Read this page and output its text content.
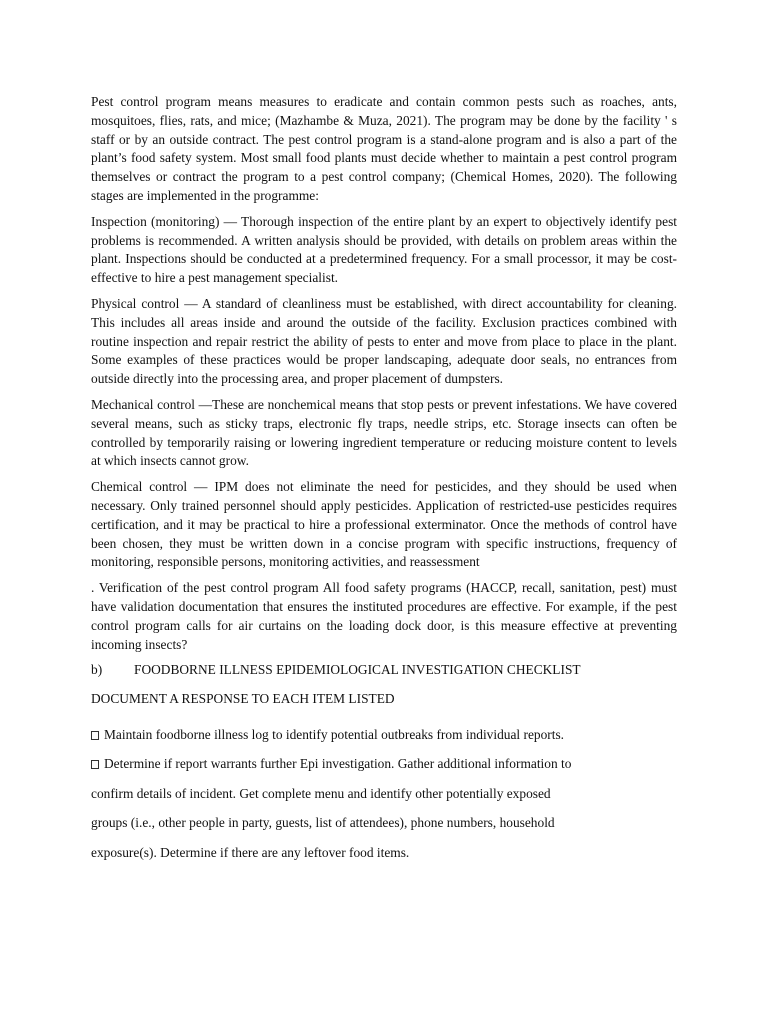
Pest control program means measures to eradicate and contain common pests such as roaches, ants, mosquitoes, flies, rats, and mice; (Mazhambe & Muza, 2021). The program may be done by the facility ' s staff or by an outside contract. The pest control program is a stand-alone program and is also a part of the plant’s food safety system. Most small food plants must decide whether to maintain a pest control program themselves or contract the program to a pest control company; (Chemical Homes, 2020). The following stages are implemented in the programme:

Inspection (monitoring) — Thorough inspection of the entire plant by an expert to objectively identify pest problems is recommended. A written analysis should be provided, with details on problem areas within the plant. Inspections should be conducted at a predetermined frequency. For a small processor, it may be cost-effective to hire a pest management specialist.

Physical control — A standard of cleanliness must be established, with direct accountability for cleaning. This includes all areas inside and around the outside of the facility. Exclusion practices combined with routine inspection and repair restrict the ability of pests to enter and move from place to place in the plant. Some examples of these practices would be proper landscaping, adequate door seals, no entrances from outside directly into the processing area, and proper placement of dumpsters.

Mechanical control —These are nonchemical means that stop pests or prevent infestations. We have covered several means, such as sticky traps, electronic fly traps, needle strips, etc. Storage insects can often be controlled by temporarily raising or lowering ingredient temperature or reducing moisture content to levels at which insects cannot grow.

Chemical control — IPM does not eliminate the need for pesticides, and they should be used when necessary. Only trained personnel should apply pesticides. Application of restricted-use pesticides requires certification, and it may be practical to hire a professional exterminator. Once the methods of control have been chosen, they must be written down in a concise program with specific instructions, frequency of monitoring, responsible persons, monitoring activities, and reassessment

. Verification of the pest control program All food safety programs (HACCP, recall, sanitation, pest) must have validation documentation that ensures the instituted procedures are effective. For example, if the pest control program calls for air curtains on the loading dock door, is this measure effective at preventing incoming insects?

b) FOODBORNE ILLNESS EPIDEMIOLOGICAL INVESTIGATION CHECKLIST

DOCUMENT A RESPONSE TO EACH ITEM LISTED

Maintain foodborne illness log to identify potential outbreaks from individual reports.

Determine if report warrants further Epi investigation. Gather additional information to

confirm details of incident. Get complete menu and identify other potentially exposed

groups (i.e., other people in party, guests, list of attendees), phone numbers, household

exposure(s). Determine if there are any leftover food items.
